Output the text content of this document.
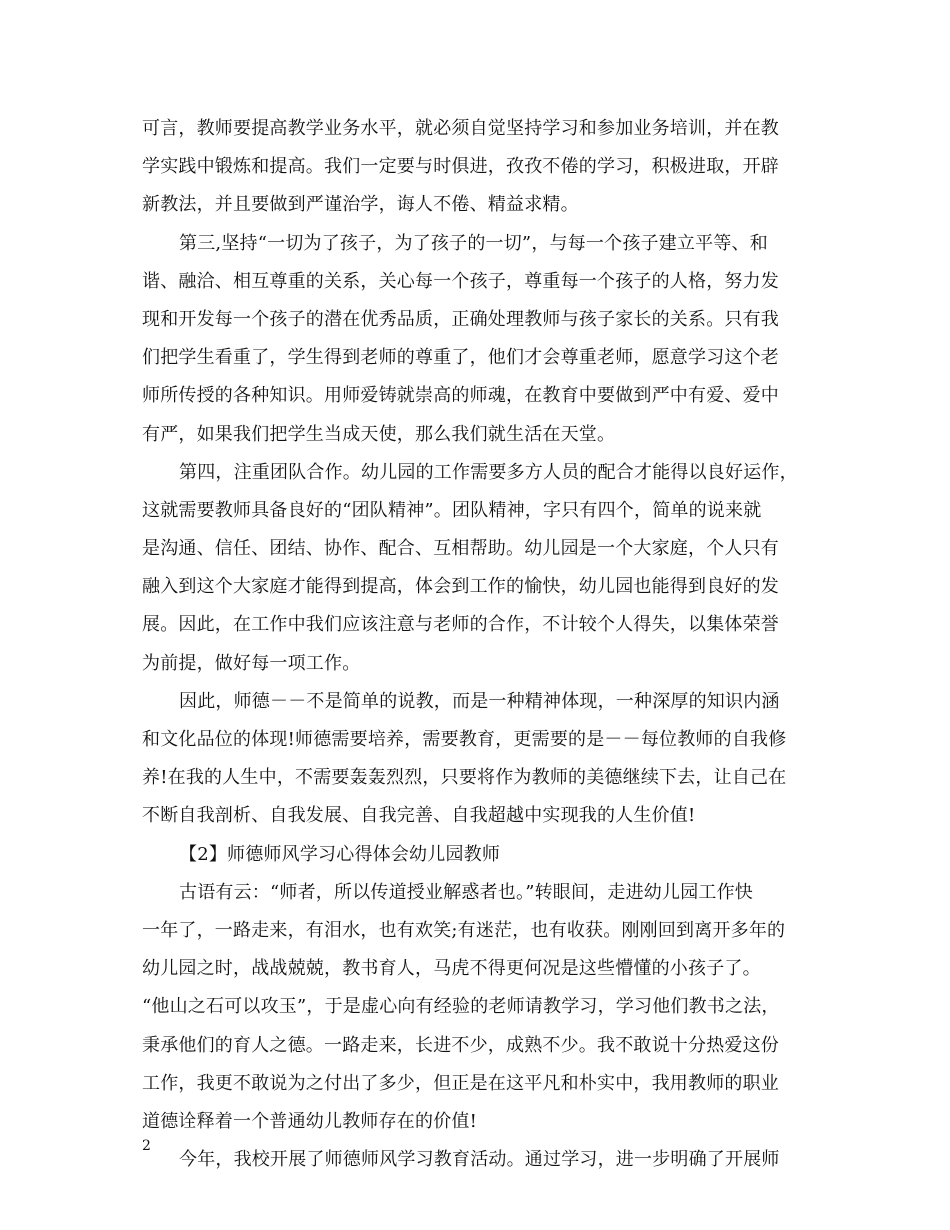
可言，教师要提高教学业务水平，就必须自觉坚持学习和参加业务培训，并在教
学实践中锻炼和提高。我们一定要与时俱进，孜孜不倦的学习，积极进取，开辟
新教法，并且要做到严谨治学，诲人不倦、精益求精。
第三,坚持“一切为了孩子，为了孩子的一切”，与每一个孩子建立平等、和
谐、融洽、相互尊重的关系，关心每一个孩子，尊重每一个孩子的人格，努力发
现和开发每一个孩子的潜在优秀品质，正确处理教师与孩子家长的关系。只有我
们把学生看重了，学生得到老师的尊重了，他们才会尊重老师，愿意学习这个老
师所传授的各种知识。用师爱铸就崇高的师魂，在教育中要做到严中有爱、爱中
有严，如果我们把学生当成天使，那么我们就生活在天堂。
第四，注重团队合作。幼儿园的工作需要多方人员的配合才能得以良好运作，
这就需要教师具备良好的“团队精神”。团队精神，字只有四个，简单的说来就
是沟通、信任、团结、协作、配合、互相帮助。幼儿园是一个大家庭，个人只有
融入到这个大家庭才能得到提高，体会到工作的愉快，幼儿园也能得到良好的发
展。因此，在工作中我们应该注意与老师的合作，不计较个人得失，以集体荣誉
为前提，做好每一项工作。
因此，师德－－不是简单的说教，而是一种精神体现，一种深厚的知识内涵
和文化品位的体现!师德需要培养，需要教育，更需要的是－－每位教师的自我修
养!在我的人生中，不需要轰轰烈烈，只要将作为教师的美德继续下去，让自己在
不断自我剖析、自我发展、自我完善、自我超越中实现我的人生价值!
【2】师德师风学习心得体会幼儿园教师
古语有云：“师者，所以传道授业解惑者也。”转眼间，走进幼儿园工作快
一年了，一路走来，有泪水，也有欢笑;有迷茫，也有收获。刚刚回到离开多年的
幼儿园之时，战战兢兢，教书育人，马虎不得更何况是这些懵懂的小孩子了。
“他山之石可以攻玉”，于是虚心向有经验的老师请教学习，学习他们教书之法，
秉承他们的育人之德。一路走来，长进不少，成熟不少。我不敢说十分热爱这份
工作，我更不敢说为之付出了多少，但正是在这平凡和朴实中，我用教师的职业
道德诠释着一个普通幼儿教师存在的价值!
今年，我校开展了师德师风学习教育活动。通过学习，进一步明确了开展师
2
